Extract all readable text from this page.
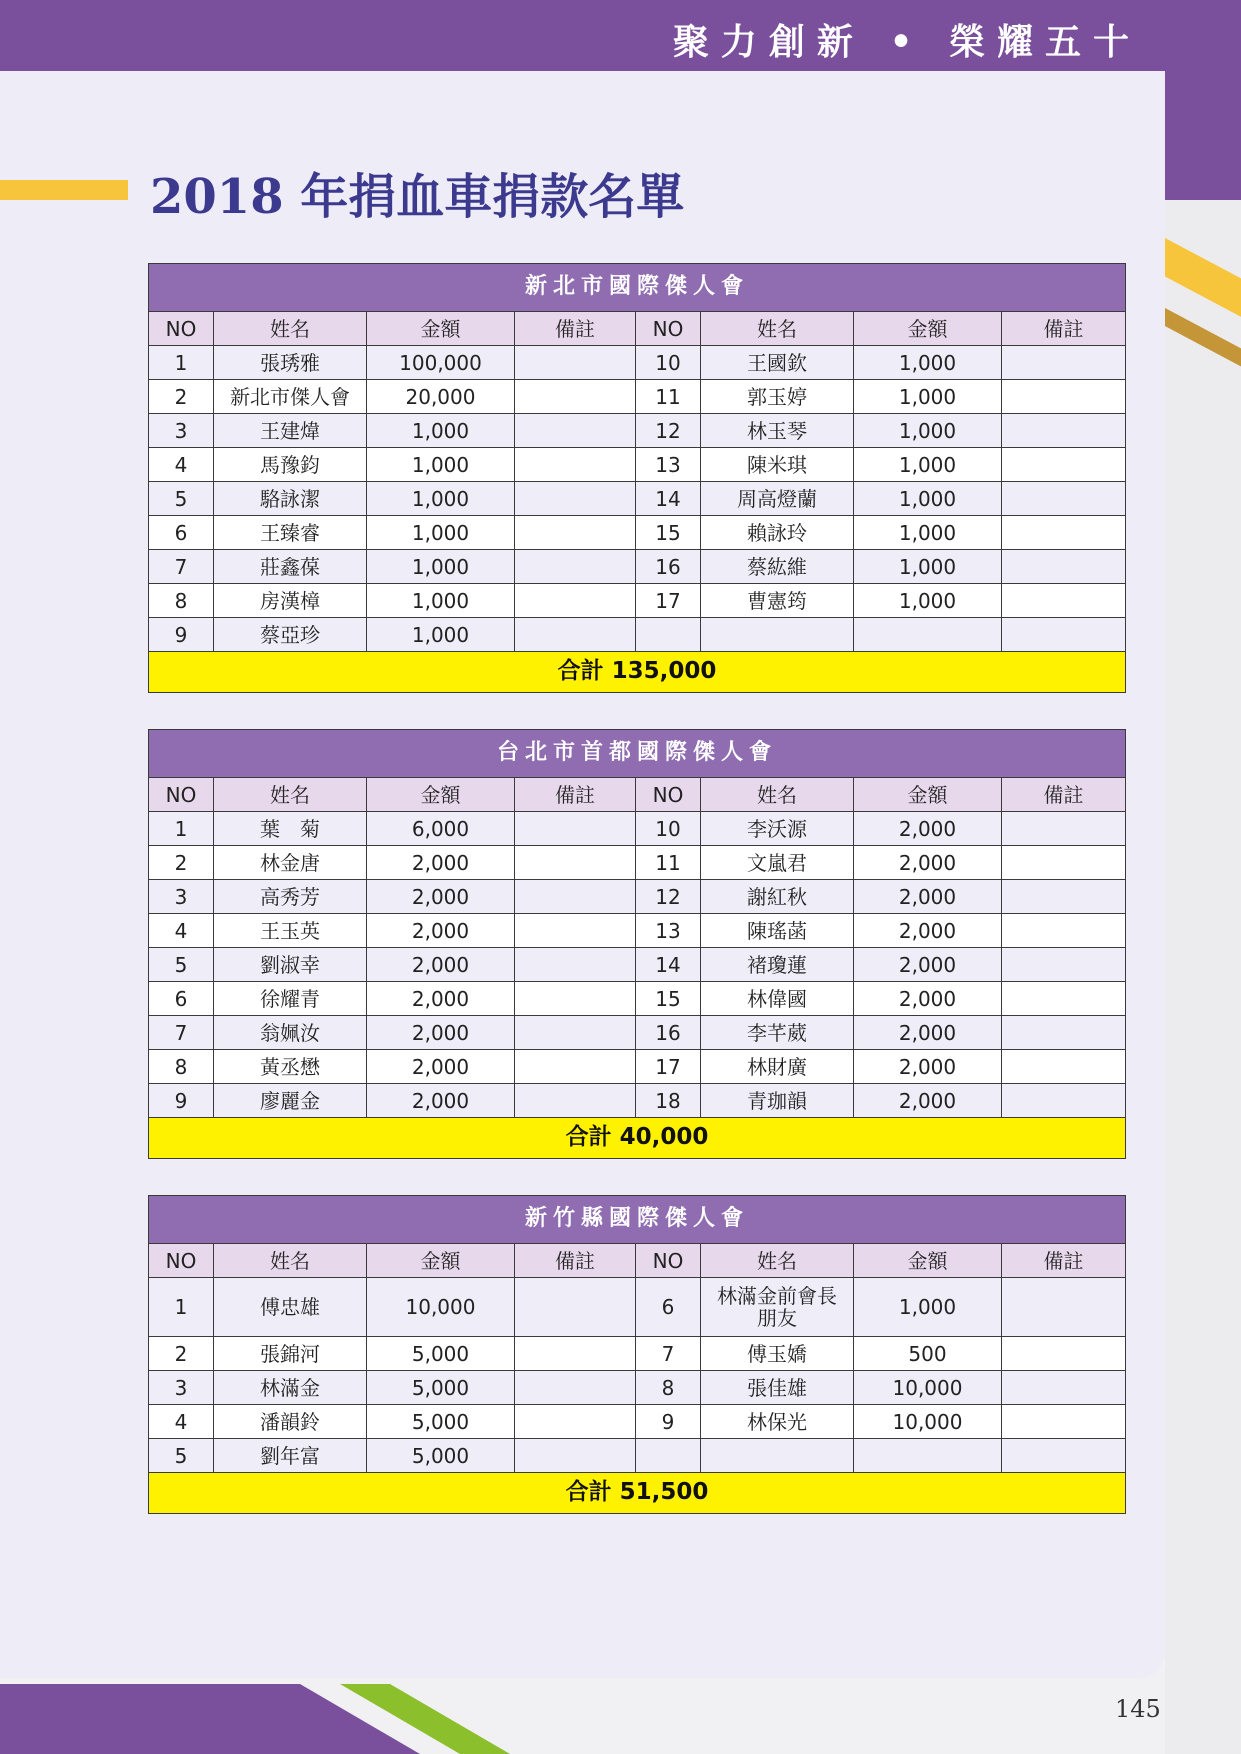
聚力創新 • 榮耀五十
145
2018 年捐血車捐款名單
新北市國際傑人會							
NO	姓名	金額	備註	NO	姓名	金額	備註
1	張琇雅	100,000		10	王國欽	1,000	
2	新北市傑人會	20,000		11	郭玉婷	1,000	
3	王建煒	1,000		12	林玉琴	1,000	
4	馬豫鈞	1,000		13	陳米琪	1,000	
5	駱詠潔	1,000		14	周高燈蘭	1,000	
6	王臻睿	1,000		15	賴詠玲	1,000	
7	莊鑫葆	1,000		16	蔡紘維	1,000	
8	房漢樟	1,000		17	曹憲筠	1,000	
9	蔡亞珍	1,000					
合計 135,000							
台北市首都國際傑人會							
NO	姓名	金額	備註	NO	姓名	金額	備註
1	葉　菊	6,000		10	李沃源	2,000	
2	林金唐	2,000		11	文嵐君	2,000	
3	高秀芳	2,000		12	謝紅秋	2,000	
4	王玉英	2,000		13	陳瑤菡	2,000	
5	劉淑幸	2,000		14	褚瓊蓮	2,000	
6	徐耀青	2,000		15	林偉國	2,000	
7	翁姵汝	2,000		16	李芊葳	2,000	
8	黃丞懋	2,000		17	林財廣	2,000	
9	廖麗金	2,000		18	青珈韻	2,000	
合計 40,000							
新竹縣國際傑人會							
NO	姓名	金額	備註	NO	姓名	金額	備註
1	傅忠雄	10,000		6	林滿金前會長朋友	1,000	
2	張錦河	5,000		7	傅玉嬌	500	
3	林滿金	5,000		8	張佳雄	10,000	
4	潘韻鈴	5,000		9	林保光	10,000	
5	劉年富	5,000					
合計 51,500							
